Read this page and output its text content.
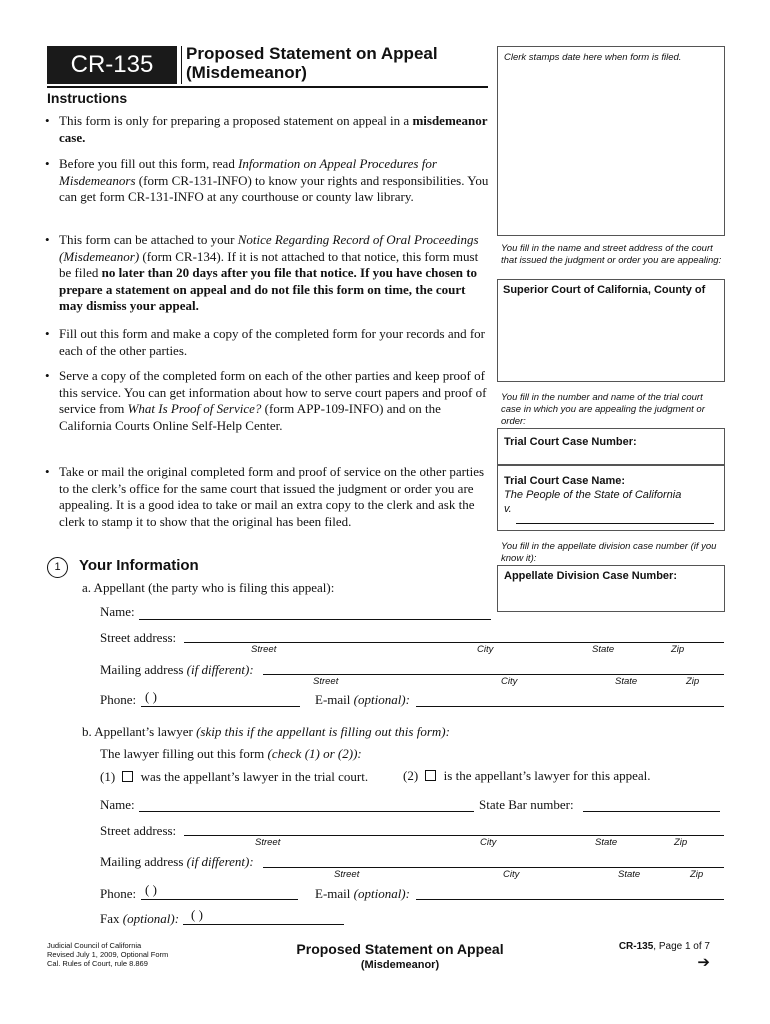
CR-135	Proposed Statement on Appeal
(Misdemeanor)
Clerk stamps date here when form is filed.
You fill in the name and street address of the court that issued the judgment or order you are appealing:
Superior Court of California, County of
You fill in the number and name of the trial court case in which you are appealing the judgment or order:
Trial Court Case Number:
Trial Court Case Name:
The People of the State of California
v.
You fill in the appellate division case number (if you know it):
Appellate Division Case Number:
Instructions
• This form is only for preparing a proposed statement on appeal in a misdemeanor case.
• Before you fill out this form, read Information on Appeal Procedures for Misdemeanors (form CR-131-INFO) to know your rights and responsibilities. You can get form CR-131-INFO at any courthouse or county law library.
• This form can be attached to your Notice Regarding Record of Oral Proceedings (Misdemeanor) (form CR-134). If it is not attached to that notice, this form must be filed no later than 20 days after you file that notice. If you have chosen to prepare a statement on appeal and do not file this form on time, the court may dismiss your appeal.
• Fill out this form and make a copy of the completed form for your records and for each of the other parties.
• Serve a copy of the completed form on each of the other parties and keep proof of this service. You can get information about how to serve court papers and proof of service from What Is Proof of Service? (form APP-109-INFO) and on the California Courts Online Self-Help Center.
• Take or mail the original completed form and proof of service on the other parties to the clerk’s office for the same court that issued the judgment or order you are appealing. It is a good idea to take or mail an extra copy to the clerk and ask the clerk to stamp it to show that the original has been filed.
1	Your Information
a. Appellant (the party who is filing this appeal):
Name:
Street address:
Street	City	State	Zip
Mailing address (if different):
Street	City	State	Zip
Phone: ( )	E-mail (optional):
b. Appellant’s lawyer (skip this if the appellant is filling out this form):
The lawyer filling out this form (check (1) or (2)):
(1) was the appellant’s lawyer in the trial court.	(2) is the appellant’s lawyer for this appeal.
Name:	State Bar number:
Street address:
Street	City	State	Zip
Mailing address (if different):
Street	City	State	Zip
Phone: ( )	E-mail (optional):
Fax (optional): ( )
Judicial Council of California
Revised July 1, 2009, Optional Form
Cal. Rules of Court, rule 8.869
Proposed Statement on Appeal
(Misdemeanor)
CR-135, Page 1 of 7
➔
